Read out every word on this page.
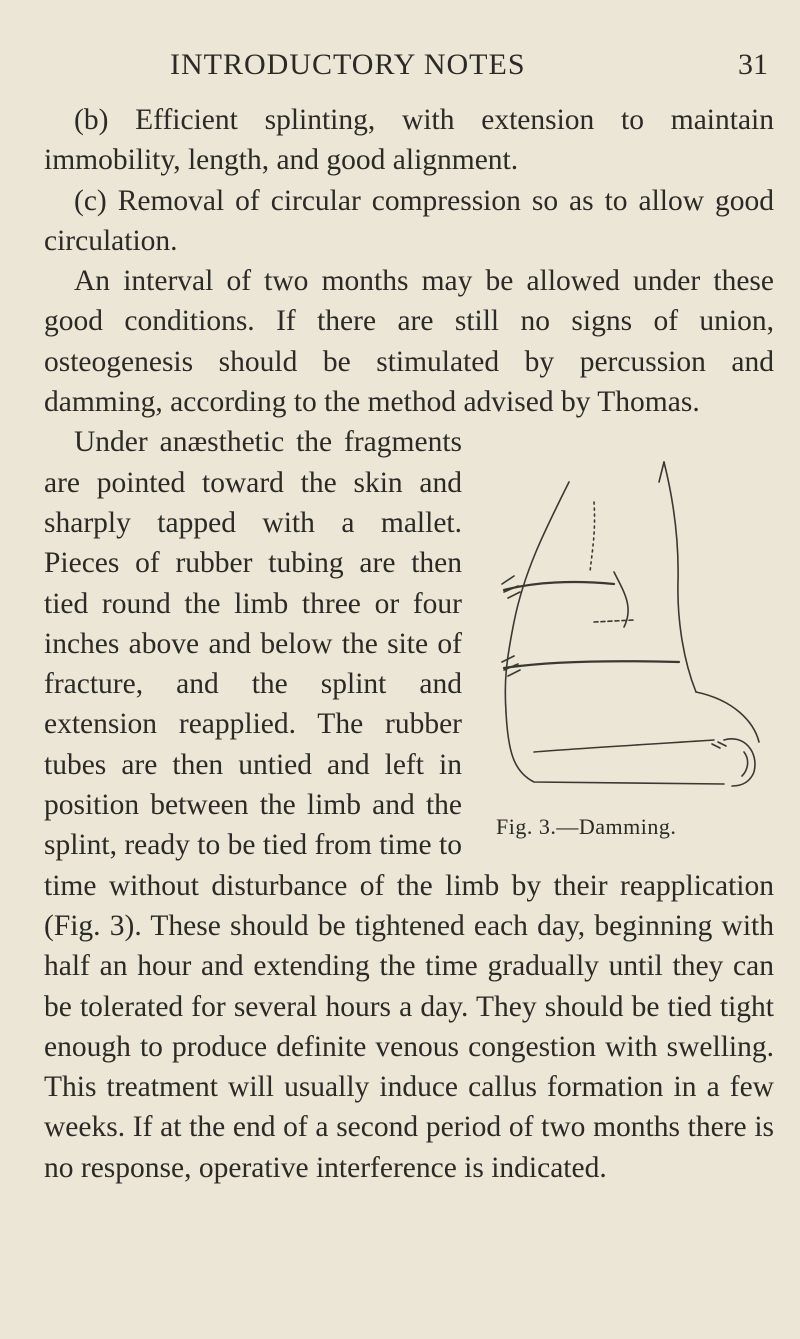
INTRODUCTORY NOTES	31

(b) Efficient splinting, with extension to maintain immobility, length, and good alignment.

(c) Removal of circular compression so as to allow good circulation.

An interval of two months may be allowed under these good conditions. If there are still no signs of union, osteogenesis should be stimulated by percussion and damming, according to the method advised by Thomas.

Fig. 3.—Damming.

Under anæsthetic the fragments are pointed toward the skin and sharply tapped with a mallet. Pieces of rubber tubing are then tied round the limb three or four inches above and below the site of fracture, and the splint and extension reapplied. The rubber tubes are then untied and left in position between the limb and the splint, ready to be tied from time to time without disturbance of the limb by their reapplication (Fig. 3). These should be tightened each day, beginning with half an hour and extending the time gradually until they can be tolerated for several hours a day. They should be tied tight enough to produce definite venous congestion with swelling. This treatment will usually induce callus formation in a few weeks. If at the end of a second period of two months there is no response, operative interference is indicated.
